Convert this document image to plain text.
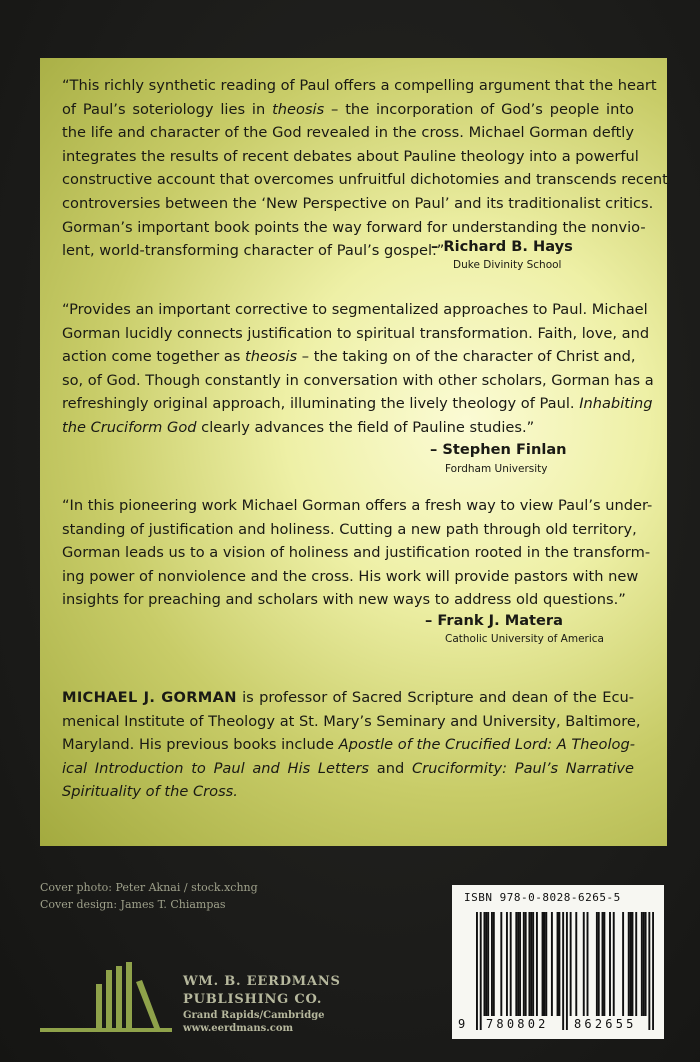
“This richly synthetic reading of Paul offers a compelling argument that the heart
of Paul’s soteriology lies in theosis – the incorporation of God’s people into
the life and character of the God revealed in the cross. Michael Gorman deftly
integrates the results of recent debates about Pauline theology into a powerful
constructive account that overcomes unfruitful dichotomies and transcends recent
controversies between the ‘New Perspective on Paul’ and its traditionalist critics.
Gorman’s important book points the way forward for understanding the nonvio-
lent, world-transforming character of Paul’s gospel.”
– Richard B. Hays
Duke Divinity School
“Provides an important corrective to segmentalized approaches to Paul. Michael
Gorman lucidly connects justification to spiritual transformation. Faith, love, and
action come together as theosis – the taking on of the character of Christ and,
so, of God. Though constantly in conversation with other scholars, Gorman has a
refreshingly original approach, illuminating the lively theology of Paul. Inhabiting
the Cruciform God clearly advances the field of Pauline studies.”
– Stephen Finlan
Fordham University
“In this pioneering work Michael Gorman offers a fresh way to view Paul’s under-
standing of justification and holiness. Cutting a new path through old territory,
Gorman leads us to a vision of holiness and justification rooted in the transform-
ing power of nonviolence and the cross. His work will provide pastors with new
insights for preaching and scholars with new ways to address old questions.”
– Frank J. Matera
Catholic University of America
MICHAEL J. GORMAN is professor of Sacred Scripture and dean of the Ecu-
menical Institute of Theology at St. Mary’s Seminary and University, Baltimore,
Maryland. His previous books include Apostle of the Crucified Lord: A Theolog-
ical Introduction to Paul and His Letters and Cruciformity: Paul’s Narrative
Spirituality of the Cross.
Cover photo: Peter Aknai / stock.xchng
Cover design: James T. Chiampas
WM. B. EERDMANS
PUBLISHING CO.
Grand Rapids/Cambridge
www.eerdmans.com
ISBN 978-0-8028-6265-5
9 780802 862655
